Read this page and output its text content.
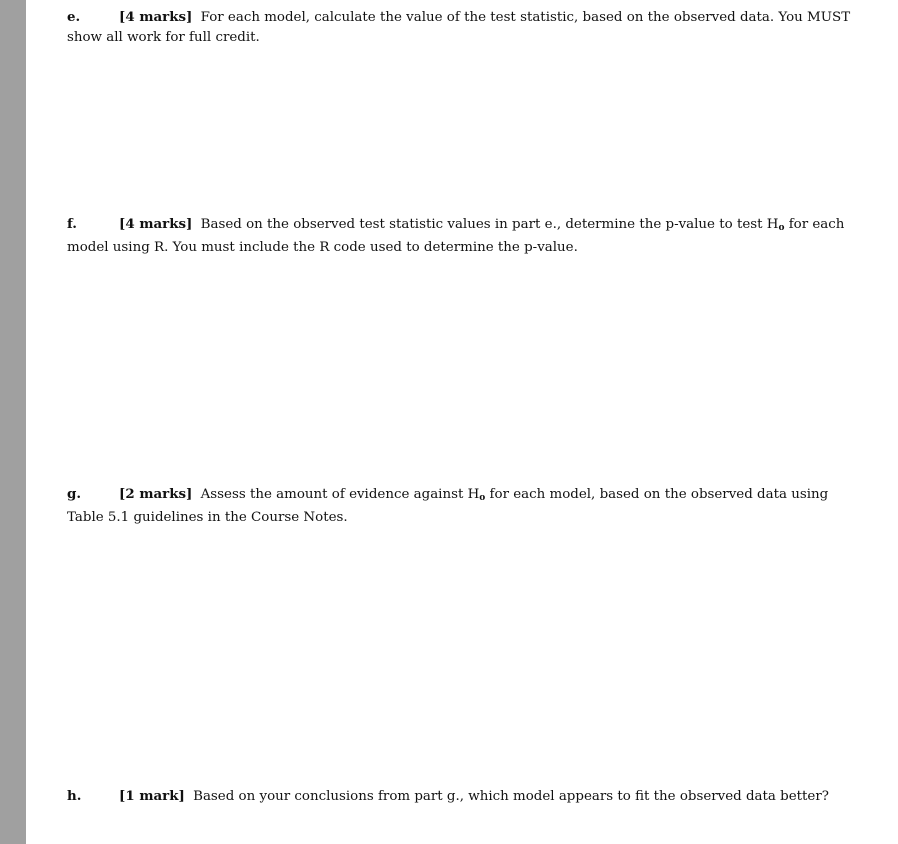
e.	[4 marks] For each model, calculate the value of the test statistic, based on the observed data. You MUST show all work for full credit.
f.	[4 marks] Based on the observed test statistic values in part e., determine the p-value to test $H_o$ for each model using R. You must include the R code used to determine the p-value.
g.	[2 marks] Assess the amount of evidence against $H_o$ for each model, based on the observed data using Table 5.1 guidelines in the Course Notes.
h.	[1 mark] Based on your conclusions from part g., which model appears to fit the observed data better?
